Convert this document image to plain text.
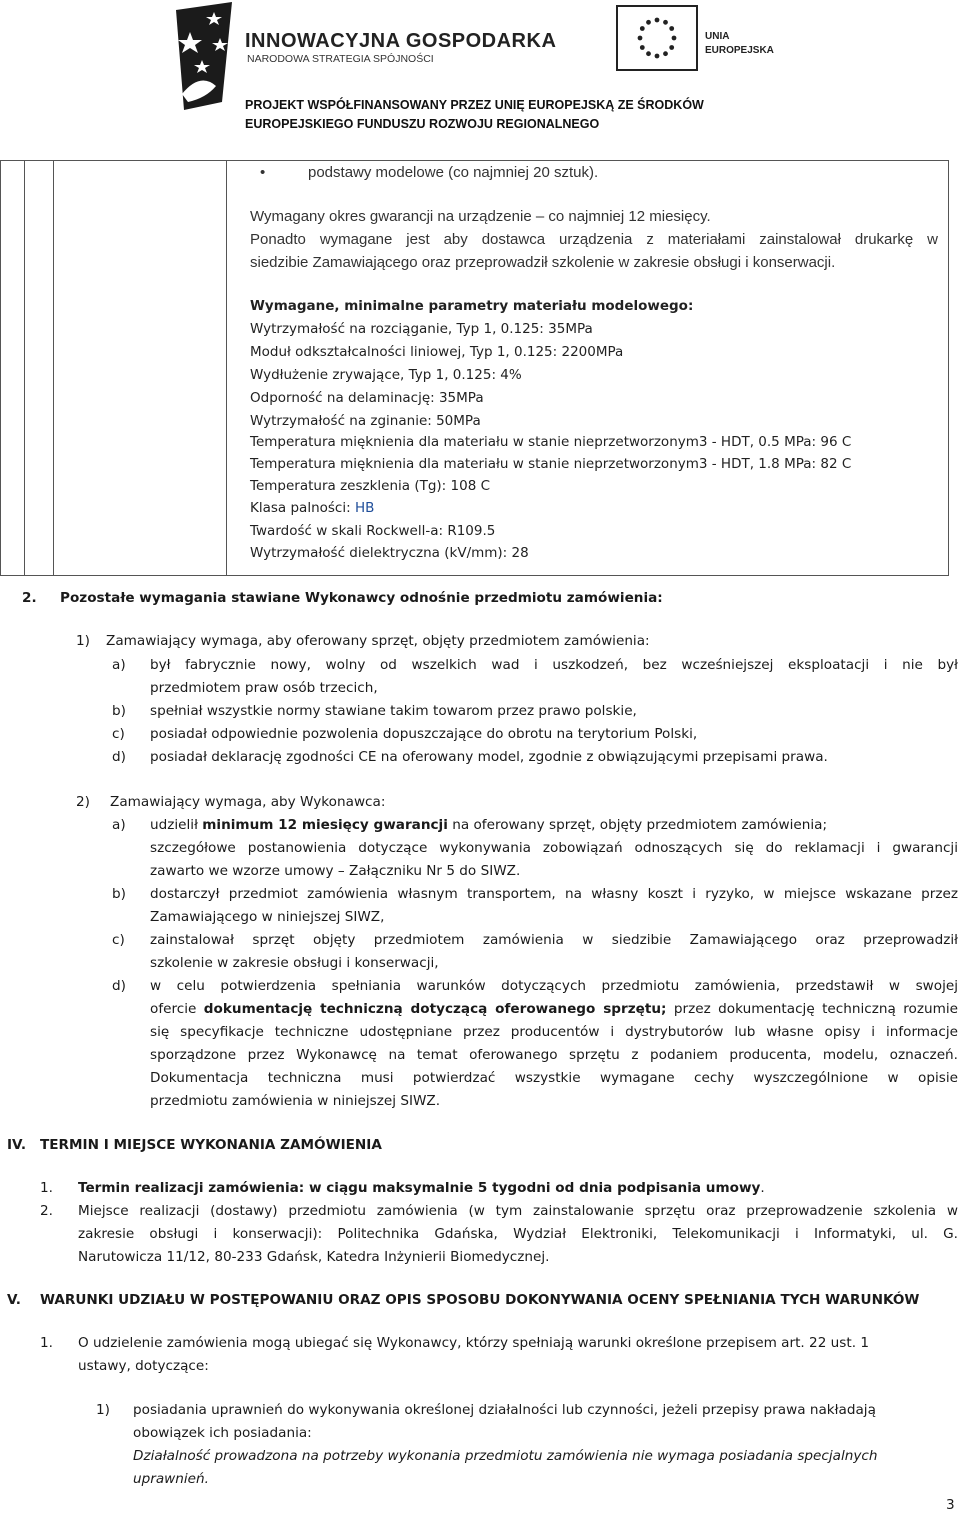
INNOWACYJNA GOSPODARKA
NARODOWA STRATEGIA SPÓJNOŚCI
UNIA
EUROPEJSKA
PROJEKT WSPÓŁFINANSOWANY PRZEZ UNIĘ EUROPEJSKĄ ZE ŚRODKÓW
EUROPEJSKIEGO FUNDUSZU ROZWOJU REGIONALNEGO
•	podstawy modelowe (co najmniej 20 sztuk).
Wymagany okres gwarancji na urządzenie – co najmniej 12 miesięcy.
Ponadto wymagane jest aby dostawca urządzenia z materiałami zainstalował drukarkę w
siedzibie Zamawiającego oraz przeprowadził szkolenie w zakresie obsługi i konserwacji.
Wymagane, minimalne parametry materiału modelowego:
Wytrzymałość na rozciąganie, Typ 1, 0.125: 35MPa
Moduł odkształcalności liniowej, Typ 1, 0.125: 2200MPa
Wydłużenie zrywające, Typ 1, 0.125: 4%
Odporność na delaminację: 35MPa
Wytrzymałość na zginanie: 50MPa
Temperatura mięknienia dla materiału w stanie nieprzetworzonym3 - HDT, 0.5 MPa: 96 C
Temperatura mięknienia dla materiału w stanie nieprzetworzonym3 - HDT, 1.8 MPa: 82 C
Temperatura zeszklenia (Tg): 108 C
Klasa palności: HB
Twardość w skali Rockwell-a: R109.5
Wytrzymałość dielektryczna (kV/mm): 28
2. Pozostałe wymagania stawiane Wykonawcy odnośnie przedmiotu zamówienia:
1) Zamawiający wymaga, aby oferowany sprzęt, objęty przedmiotem zamówienia:
a) był fabrycznie nowy, wolny od wszelkich wad i uszkodzeń, bez wcześniejszej eksploatacji i nie był
przedmiotem praw osób trzecich,
b) spełniał wszystkie normy stawiane takim towarom przez prawo polskie,
c) posiadał odpowiednie pozwolenia dopuszczające do obrotu na terytorium Polski,
d) posiadał deklarację zgodności CE na oferowany model, zgodnie z obwiązującymi przepisami prawa.
2) Zamawiający wymaga, aby Wykonawca:
a) udzielił minimum 12 miesięcy gwarancji na oferowany sprzęt, objęty przedmiotem zamówienia;
szczegółowe postanowienia dotyczące wykonywania zobowiązań odnoszących się do reklamacji i gwarancji
zawarto we wzorze umowy – Załączniku Nr 5 do SIWZ.
b) dostarczył przedmiot zamówienia własnym transportem, na własny koszt i ryzyko, w miejsce wskazane przez
Zamawiającego w niniejszej SIWZ,
c) zainstalował sprzęt objęty przedmiotem zamówienia w siedzibie Zamawiającego oraz przeprowadził
szkolenie w zakresie obsługi i konserwacji,
d) w celu potwierdzenia spełniania warunków dotyczących przedmiotu zamówienia, przedstawił w swojej
ofercie dokumentację techniczną dotyczącą oferowanego sprzętu; przez dokumentację techniczną rozumie
się specyfikacje techniczne udostępniane przez producentów i dystrybutorów lub własne opisy i informacje
sporządzone przez Wykonawcę na temat oferowanego sprzętu z podaniem producenta, modelu, oznaczeń.
Dokumentacja techniczna musi potwierdzać wszystkie wymagane cechy wyszczególnione w opisie
przedmiotu zamówienia w niniejszej SIWZ.
IV. TERMIN I MIEJSCE WYKONANIA ZAMÓWIENIA
1. Termin realizacji zamówienia: w ciągu maksymalnie 5 tygodni od dnia podpisania umowy.
2. Miejsce realizacji (dostawy) przedmiotu zamówienia (w tym zainstalowanie sprzętu oraz przeprowadzenie szkolenia w
zakresie obsługi i konserwacji): Politechnika Gdańska, Wydział Elektroniki, Telekomunikacji i Informatyki, ul. G.
Narutowicza 11/12, 80-233 Gdańsk, Katedra Inżynierii Biomedycznej.
V. WARUNKI UDZIAŁU W POSTĘPOWANIU ORAZ OPIS SPOSOBU DOKONYWANIA OCENY SPEŁNIANIA TYCH WARUNKÓW
1. O udzielenie zamówienia mogą ubiegać się Wykonawcy, którzy spełniają warunki określone przepisem art. 22 ust. 1
ustawy, dotyczące:
1) posiadania uprawnień do wykonywania określonej działalności lub czynności, jeżeli przepisy prawa nakładają
obowiązek ich posiadania:
Działalność prowadzona na potrzeby wykonania przedmiotu zamówienia nie wymaga posiadania specjalnych
uprawnień.
3
